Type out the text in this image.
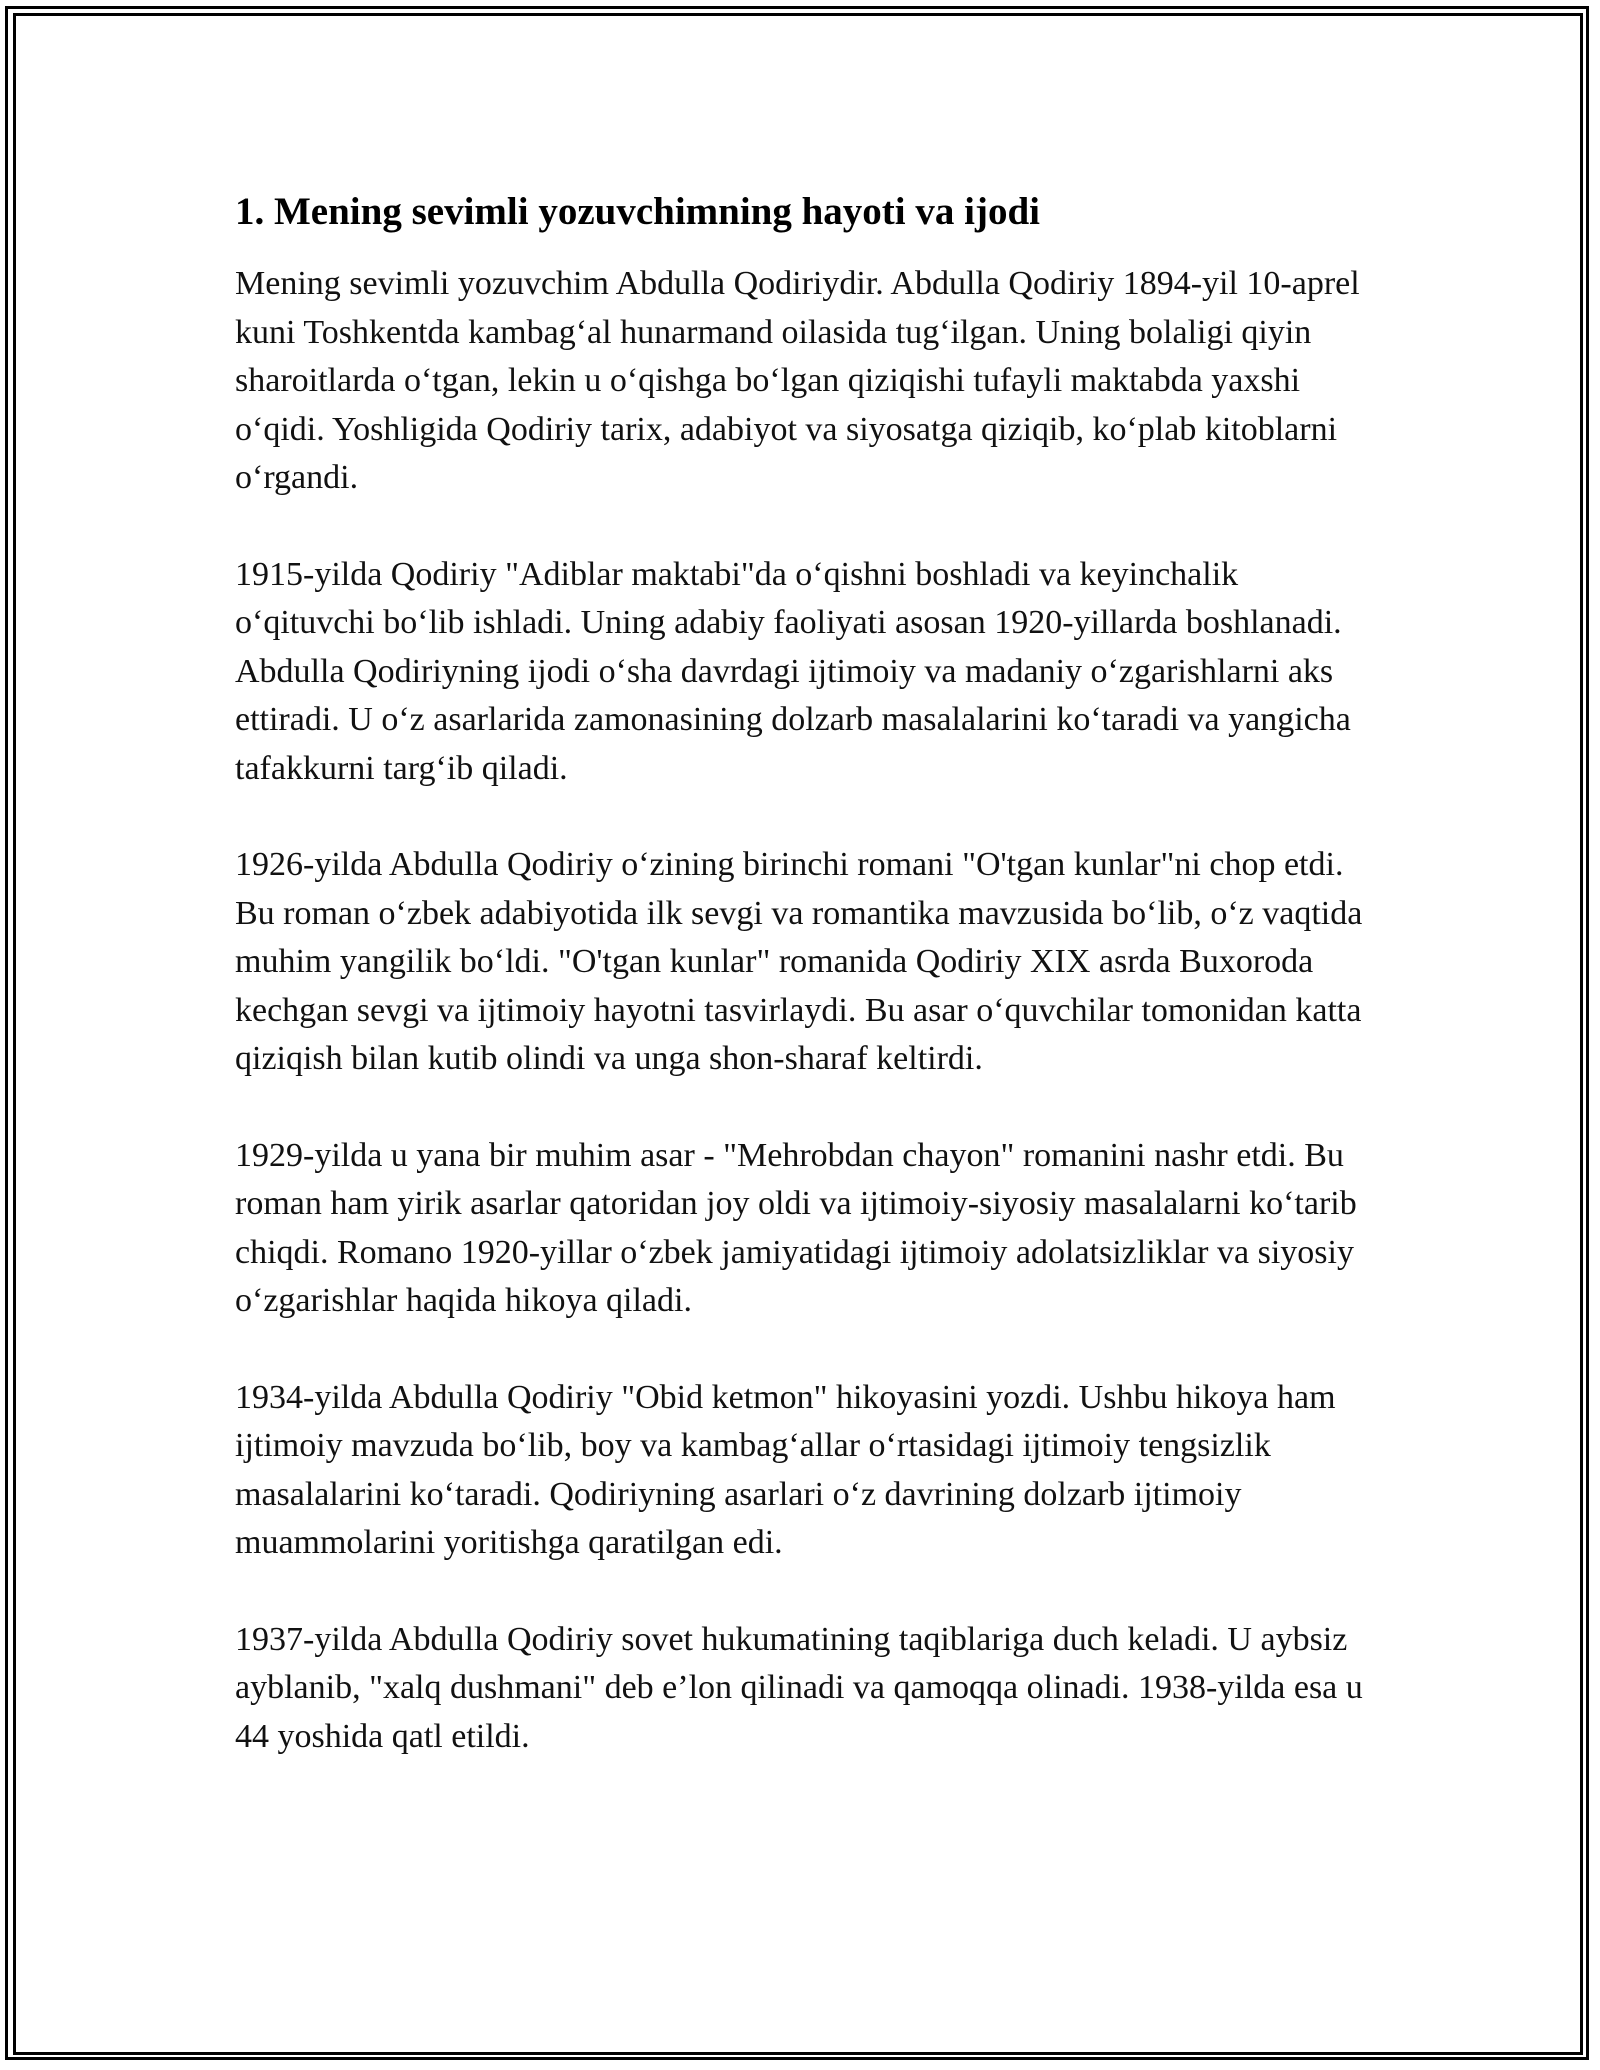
1. Mening sevimli yozuvchimning hayoti va ijodi

Mening sevimli yozuvchim Abdulla Qodiriydir. Abdulla Qodiriy 1894-yil 10-aprel kuni Toshkentda kambag‘al hunarmand oilasida tug‘ilgan. Uning bolaligi qiyin sharoitlarda o‘tgan, lekin u o‘qishga bo‘lgan qiziqishi tufayli maktabda yaxshi o‘qidi. Yoshligida Qodiriy tarix, adabiyot va siyosatga qiziqib, ko‘plab kitoblarni o‘rgandi.

1915-yilda Qodiriy "Adiblar maktabi"da o‘qishni boshladi va keyinchalik o‘qituvchi bo‘lib ishladi. Uning adabiy faoliyati asosan 1920-yillarda boshlanadi. Abdulla Qodiriyning ijodi o‘sha davrdagi ijtimoiy va madaniy o‘zgarishlarni aks ettiradi. U o‘z asarlarida zamonasining dolzarb masalalarini ko‘taradi va yangicha tafakkurni targ‘ib qiladi.

1926-yilda Abdulla Qodiriy o‘zining birinchi romani "O'tgan kunlar"ni chop etdi. Bu roman o‘zbek adabiyotida ilk sevgi va romantika mavzusida bo‘lib, o‘z vaqtida muhim yangilik bo‘ldi. "O'tgan kunlar" romanida Qodiriy XIX asrda Buxoroda kechgan sevgi va ijtimoiy hayotni tasvirlaydi. Bu asar o‘quvchilar tomonidan katta qiziqish bilan kutib olindi va unga shon-sharaf keltirdi.

1929-yilda u yana bir muhim asar - "Mehrobdan chayon" romanini nashr etdi. Bu roman ham yirik asarlar qatoridan joy oldi va ijtimoiy-siyosiy masalalarni ko‘tarib chiqdi. Romano 1920-yillar o‘zbek jamiyatidagi ijtimoiy adolatsizliklar va siyosiy o‘zgarishlar haqida hikoya qiladi.

1934-yilda Abdulla Qodiriy "Obid ketmon" hikoyasini yozdi. Ushbu hikoya ham ijtimoiy mavzuda bo‘lib, boy va kambag‘allar o‘rtasidagi ijtimoiy tengsizlik masalalarini ko‘taradi. Qodiriyning asarlari o‘z davrining dolzarb ijtimoiy muammolarini yoritishga qaratilgan edi.

1937-yilda Abdulla Qodiriy sovet hukumatining taqiblariga duch keladi. U aybsiz ayblanib, "xalq dushmani" deb e’lon qilinadi va qamoqqa olinadi. 1938-yilda esa u 44 yoshida qatl etildi.
